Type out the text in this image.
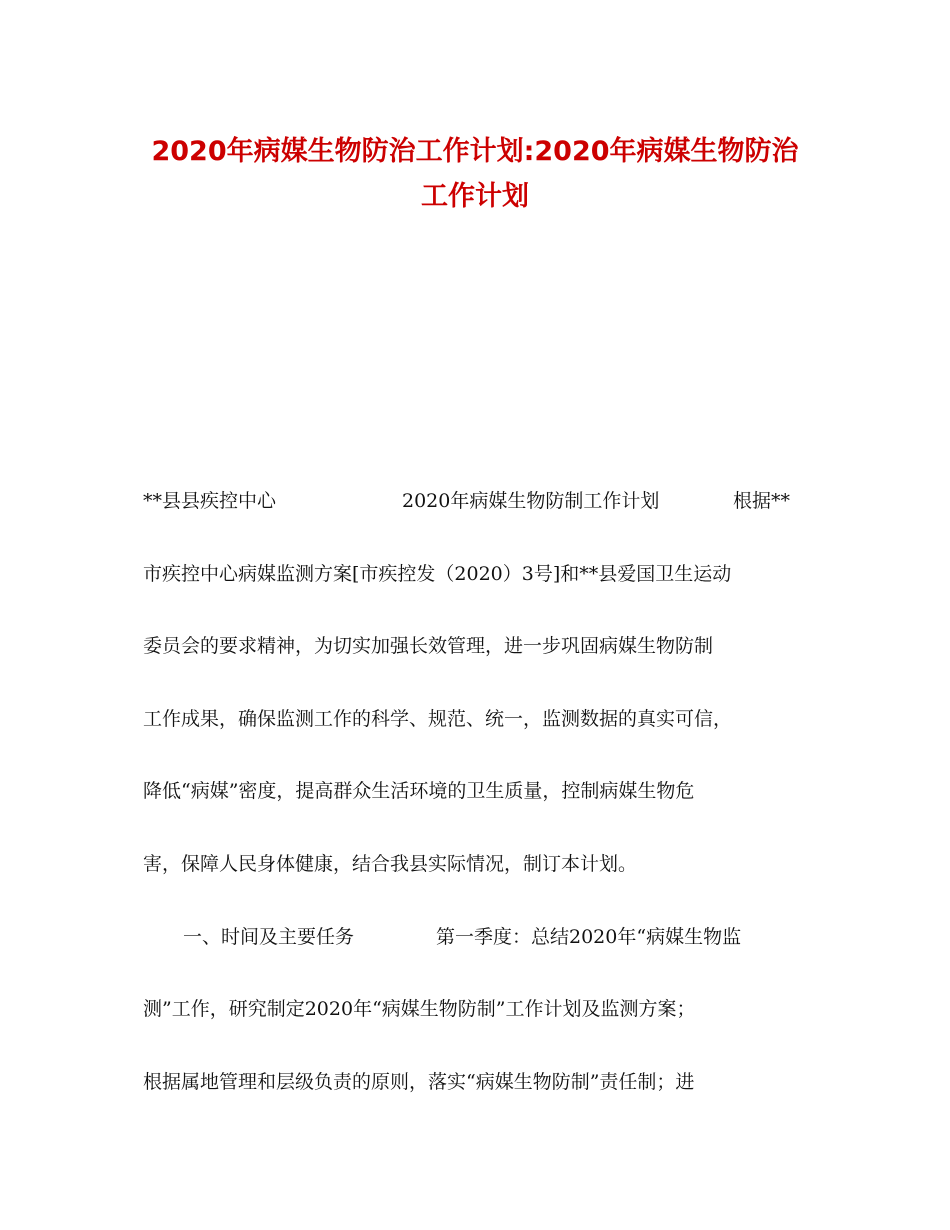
2020年病媒生物防治工作计划:2020年病媒生物防治
工作计划
**县县疾控中心	2020年病媒生物防制工作计划	根据**
市疾控中心病媒监测方案[市疾控发（2020）3号]和**县爱国卫生运动
委员会的要求精神，为切实加强长效管理，进一步巩固病媒生物防制
工作成果，确保监测工作的科学、规范、统一，监测数据的真实可信，
降低“病媒”密度，提高群众生活环境的卫生质量，控制病媒生物危
害，保障人民身体健康，结合我县实际情况，制订本计划。
一、时间及主要任务	第一季度：总结2020年“病媒生物监
测”工作，研究制定2020年“病媒生物防制”工作计划及监测方案；
根据属地管理和层级负责的原则，落实“病媒生物防制”责任制；进
